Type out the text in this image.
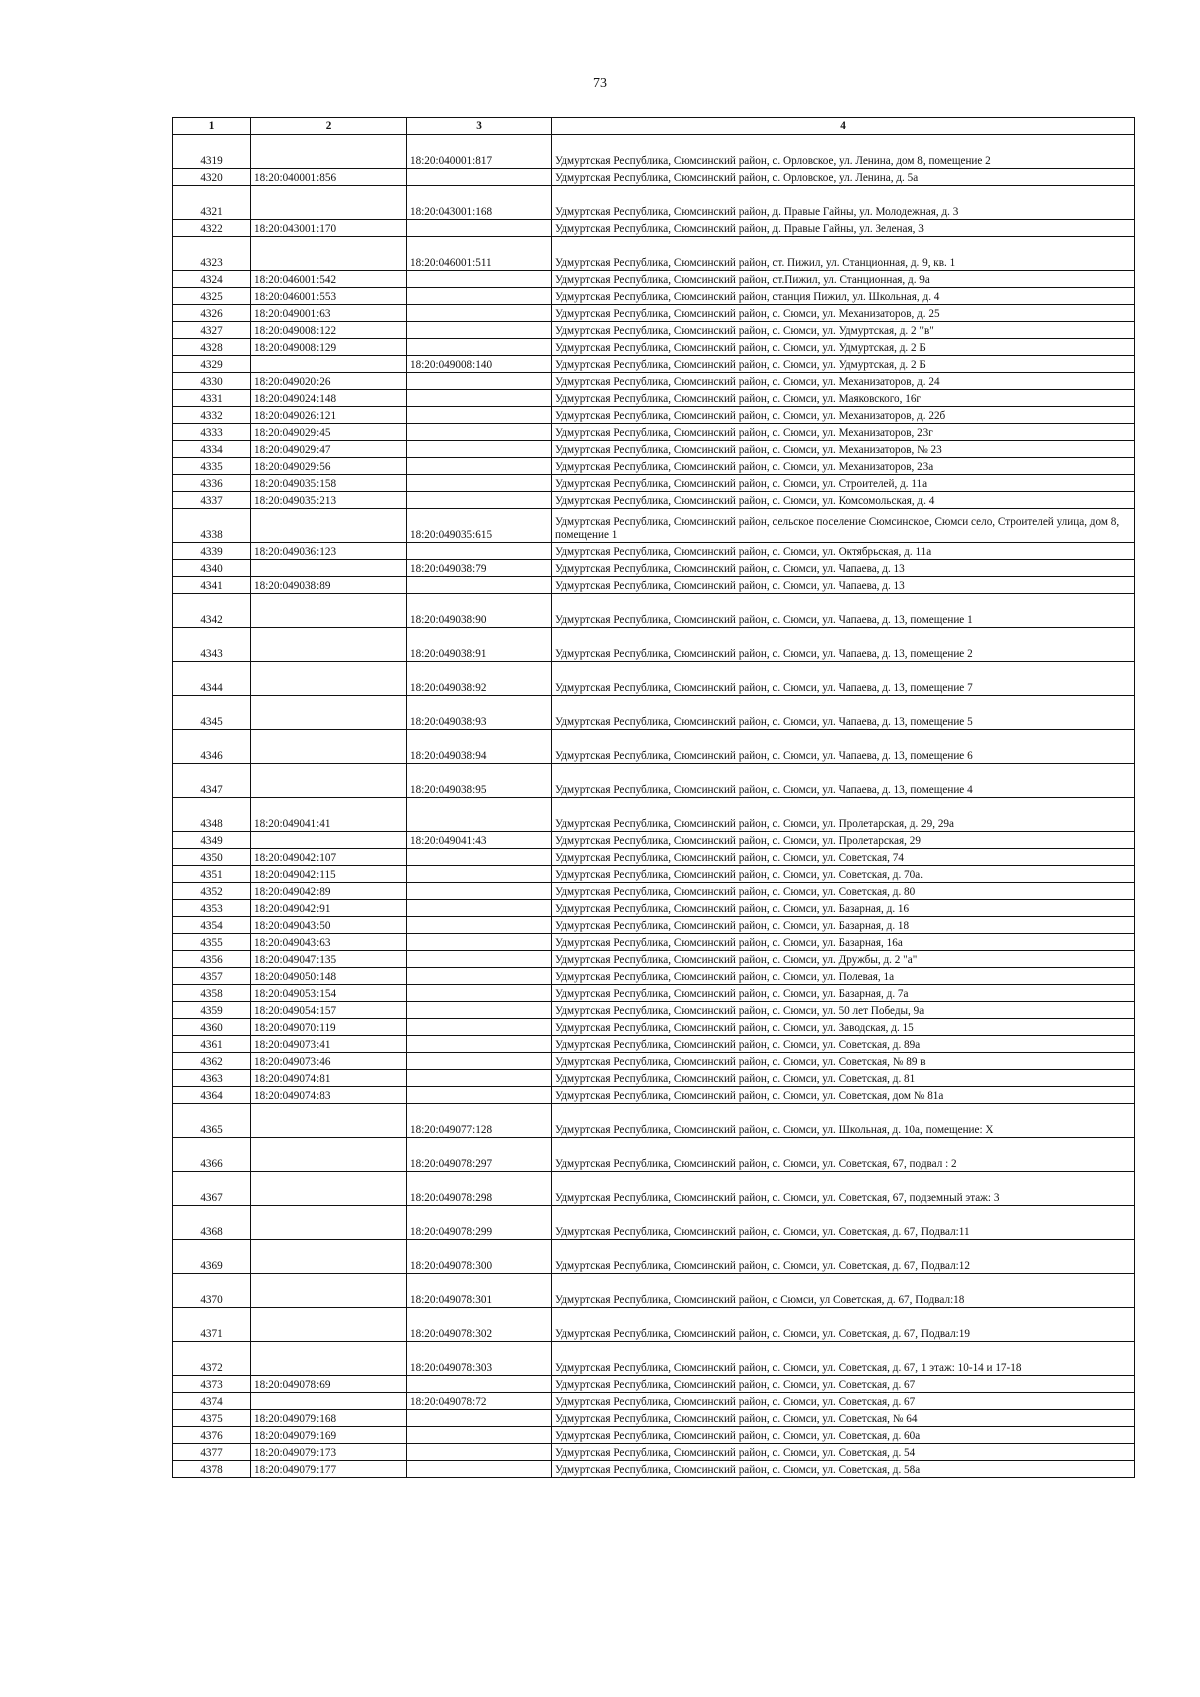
73
1	2	3	4
4319		18:20:040001:817	Удмуртская Республика, Сюмсинский район, с. Орловское, ул. Ленина, дом 8, помещение 2
4320	18:20:040001:856		Удмуртская Республика, Сюмсинский район, с. Орловское, ул. Ленина, д. 5а
4321		18:20:043001:168	Удмуртская Республика, Сюмсинский район, д. Правые Гайны, ул. Молодежная, д. 3
4322	18:20:043001:170		Удмуртская Республика, Сюмсинский район, д. Правые Гайны, ул. Зеленая, 3
4323		18:20:046001:511	Удмуртская Республика, Сюмсинский район, ст. Пижил, ул. Станционная, д. 9, кв. 1
4324	18:20:046001:542		Удмуртская Республика, Сюмсинский район, ст.Пижил, ул. Станционная, д. 9а
4325	18:20:046001:553		Удмуртская Республика, Сюмсинский район, станция Пижил, ул. Школьная, д. 4
4326	18:20:049001:63		Удмуртская Республика, Сюмсинский район, с. Сюмси, ул. Механизаторов, д. 25
4327	18:20:049008:122		Удмуртская Республика, Сюмсинский район, с. Сюмси, ул. Удмуртская, д. 2 "в"
4328	18:20:049008:129		Удмуртская Республика, Сюмсинский район, с. Сюмси, ул. Удмуртская, д. 2 Б
4329		18:20:049008:140	Удмуртская Республика, Сюмсинский район, с. Сюмси, ул. Удмуртская, д. 2 Б
4330	18:20:049020:26		Удмуртская Республика, Сюмсинский район, с. Сюмси, ул. Механизаторов, д. 24
4331	18:20:049024:148		Удмуртская Республика, Сюмсинский район, с. Сюмси, ул. Маяковского, 16г
4332	18:20:049026:121		Удмуртская Республика, Сюмсинский район, с. Сюмси, ул. Механизаторов, д. 22б
4333	18:20:049029:45		Удмуртская Республика, Сюмсинский район, с. Сюмси, ул. Механизаторов, 23г
4334	18:20:049029:47		Удмуртская Республика, Сюмсинский район, с. Сюмси, ул. Механизаторов, № 23
4335	18:20:049029:56		Удмуртская Республика, Сюмсинский район, с. Сюмси, ул. Механизаторов, 23а
4336	18:20:049035:158		Удмуртская Республика, Сюмсинский район, с. Сюмси, ул. Строителей, д. 11а
4337	18:20:049035:213		Удмуртская Республика, Сюмсинский район, с. Сюмси, ул. Комсомольская, д. 4
4338		18:20:049035:615	Удмуртская Республика, Сюмсинский район, сельское поселение Сюмсинское, Сюмси село, Строителей улица, дом 8, помещение 1
4339	18:20:049036:123		Удмуртская Республика, Сюмсинский район, с. Сюмси, ул. Октябрьская, д. 11а
4340		18:20:049038:79	Удмуртская Республика, Сюмсинский район, с. Сюмси, ул. Чапаева, д. 13
4341	18:20:049038:89		Удмуртская Республика, Сюмсинский район, с. Сюмси, ул. Чапаева, д. 13
4342		18:20:049038:90	Удмуртская Республика, Сюмсинский район, с. Сюмси, ул. Чапаева, д. 13, помещение 1
4343		18:20:049038:91	Удмуртская Республика, Сюмсинский район, с. Сюмси, ул. Чапаева, д. 13, помещение 2
4344		18:20:049038:92	Удмуртская Республика, Сюмсинский район, с. Сюмси, ул. Чапаева, д. 13, помещение 7
4345		18:20:049038:93	Удмуртская Республика, Сюмсинский район, с. Сюмси, ул. Чапаева, д. 13, помещение 5
4346		18:20:049038:94	Удмуртская Республика, Сюмсинский район, с. Сюмси, ул. Чапаева, д. 13, помещение 6
4347		18:20:049038:95	Удмуртская Республика, Сюмсинский район, с. Сюмси, ул. Чапаева, д. 13, помещение 4
4348	18:20:049041:41		Удмуртская Республика, Сюмсинский район, с. Сюмси, ул. Пролетарская, д. 29, 29а
4349		18:20:049041:43	Удмуртская Республика, Сюмсинский район, с. Сюмси, ул. Пролетарская, 29
4350	18:20:049042:107		Удмуртская Республика, Сюмсинский район, с. Сюмси, ул. Советская, 74
4351	18:20:049042:115		Удмуртская Республика, Сюмсинский район, с. Сюмси, ул. Советская, д. 70а.
4352	18:20:049042:89		Удмуртская Республика, Сюмсинский район, с. Сюмси, ул. Советская, д. 80
4353	18:20:049042:91		Удмуртская Республика, Сюмсинский район, с. Сюмси, ул. Базарная, д. 16
4354	18:20:049043:50		Удмуртская Республика, Сюмсинский район, с. Сюмси, ул. Базарная, д. 18
4355	18:20:049043:63		Удмуртская Республика, Сюмсинский район, с. Сюмси, ул. Базарная, 16а
4356	18:20:049047:135		Удмуртская Республика, Сюмсинский район, с. Сюмси, ул. Дружбы, д. 2 "а"
4357	18:20:049050:148		Удмуртская Республика, Сюмсинский район, с. Сюмси, ул. Полевая, 1а
4358	18:20:049053:154		Удмуртская Республика, Сюмсинский район, с. Сюмси, ул. Базарная, д. 7а
4359	18:20:049054:157		Удмуртская Республика, Сюмсинский район, с. Сюмси, ул. 50 лет Победы, 9а
4360	18:20:049070:119		Удмуртская Республика, Сюмсинский район, с. Сюмси, ул. Заводская, д. 15
4361	18:20:049073:41		Удмуртская Республика, Сюмсинский район, с. Сюмси, ул. Советская, д. 89а
4362	18:20:049073:46		Удмуртская Республика, Сюмсинский район, с. Сюмси, ул. Советская, № 89 в
4363	18:20:049074:81		Удмуртская Республика, Сюмсинский район, с. Сюмси, ул. Советская, д. 81
4364	18:20:049074:83		Удмуртская Республика, Сюмсинский район, с. Сюмси, ул. Советская, дом № 81а
4365		18:20:049077:128	Удмуртская Республика, Сюмсинский район, с. Сюмси, ул. Школьная, д. 10а, помещение: X
4366		18:20:049078:297	Удмуртская Республика, Сюмсинский район, с. Сюмси, ул. Советская, 67, подвал : 2
4367		18:20:049078:298	Удмуртская Республика, Сюмсинский район, с. Сюмси, ул. Советская, 67, подземный этаж: 3
4368		18:20:049078:299	Удмуртская Республика, Сюмсинский район, с. Сюмси, ул. Советская, д. 67, Подвал:11
4369		18:20:049078:300	Удмуртская Республика, Сюмсинский район, с. Сюмси, ул. Советская, д. 67, Подвал:12
4370		18:20:049078:301	Удмуртская Республика, Сюмсинский район, с Сюмси, ул Советская, д. 67, Подвал:18
4371		18:20:049078:302	Удмуртская Республика, Сюмсинский район, с. Сюмси, ул. Советская, д. 67, Подвал:19
4372		18:20:049078:303	Удмуртская Республика, Сюмсинский район, с. Сюмси, ул. Советская, д. 67, 1 этаж: 10-14 и 17-18
4373	18:20:049078:69		Удмуртская Республика, Сюмсинский район, с. Сюмси, ул. Советская, д. 67
4374		18:20:049078:72	Удмуртская Республика, Сюмсинский район, с. Сюмси, ул. Советская, д. 67
4375	18:20:049079:168		Удмуртская Республика, Сюмсинский район, с. Сюмси, ул. Советская, № 64
4376	18:20:049079:169		Удмуртская Республика, Сюмсинский район, с. Сюмси, ул. Советская, д. 60а
4377	18:20:049079:173		Удмуртская Республика, Сюмсинский район, с. Сюмси, ул. Советская, д. 54
4378	18:20:049079:177		Удмуртская Республика, Сюмсинский район, с. Сюмси, ул. Советская, д. 58а
